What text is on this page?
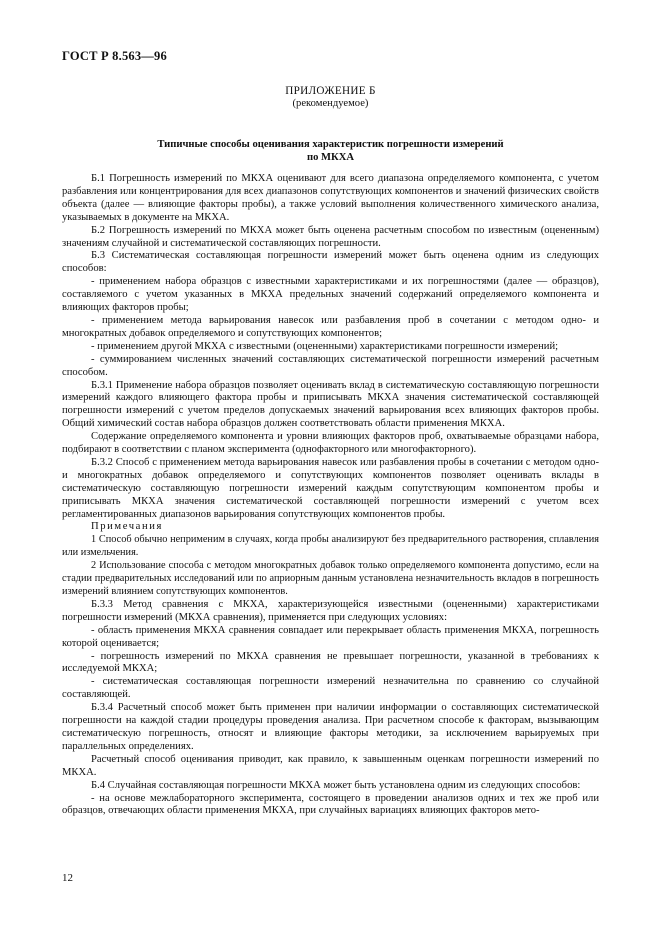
ГОСТ Р 8.563—96
ПРИЛОЖЕНИЕ Б
(рекомендуемое)
Типичные способы оценивания характеристик погрешности измерений
по МКХА

Б.1 Погрешность измерений по МКХА оценивают для всего диапазона определяемого компонента, с учетом разбавления или концентрирования для всех диапазонов сопутствующих компонентов и значений физических свойств объекта (далее — влияющие факторы пробы), а также условий выполнения количественного химического анализа, указываемых в документе на МКХА.

Б.2 Погрешность измерений по МКХА может быть оценена расчетным способом по известным (оцененным) значениям случайной и систематической составляющих погрешности.

Б.3 Систематическая составляющая погрешности измерений может быть оценена одним из следующих способов:

- применением набора образцов с известными характеристиками и их погрешностями (далее — образцов), составляемого с учетом указанных в МКХА предельных значений содержаний определяемого компонента и влияющих факторов пробы;

- применением метода варьирования навесок или разбавления проб в сочетании с методом одно- и многократных добавок определяемого и сопутствующих компонентов;

- применением другой МКХА с известными (оцененными) характеристиками погрешности измерений;

- суммированием численных значений составляющих систематической погрешности измерений расчетным способом.

Б.3.1 Применение набора образцов позволяет оценивать вклад в систематическую составляющую погрешности измерений каждого влияющего фактора пробы и приписывать МКХА значения систематической составляющей погрешности измерений с учетом пределов допускаемых значений варьирования всех влияющих факторов пробы. Общий химический состав набора образцов должен соответствовать области применения МКХА.

Содержание определяемого компонента и уровни влияющих факторов проб, охватываемые образцами набора, подбирают в соответствии с планом эксперимента (однофакторного или многофакторного).

Б.3.2 Способ с применением метода варьирования навесок или разбавления пробы в сочетании с методом одно- и многократных добавок определяемого и сопутствующих компонентов позволяет оценивать вклады в систематическую составляющую погрешности измерений каждым сопутствующим компонентом пробы и приписывать МКХА значения систематической составляющей погрешности измерений с учетом всех регламентированных диапазонов варьирования сопутствующих компонентов пробы.

Примечания

1 Способ обычно неприменим в случаях, когда пробы анализируют без предварительного растворения, сплавления или измельчения.

2 Использование способа с методом многократных добавок только определяемого компонента допустимо, если на стадии предварительных исследований или по априорным данным установлена незначительность вкладов в погрешность измерений влиянием сопутствующих компонентов.

Б.3.3 Метод сравнения с МКХА, характеризующейся известными (оцененными) характеристиками погрешности измерений (МКХА сравнения), применяется при следующих условиях:

- область применения МКХА сравнения совпадает или перекрывает область применения МКХА, погрешность которой оценивается;

- погрешность измерений по МКХА сравнения не превышает погрешности, указанной в требованиях к исследуемой МКХА;

- систематическая составляющая погрешности измерений незначительна по сравнению со случайной составляющей.

Б.3.4 Расчетный способ может быть применен при наличии информации о составляющих систематической погрешности на каждой стадии процедуры проведения анализа. При расчетном способе к факторам, вызывающим систематическую погрешность, относят и влияющие факторы методики, за исключением варьируемых при параллельных определениях.

Расчетный способ оценивания приводит, как правило, к завышенным оценкам погрешности измерений по МКХА.

Б.4 Случайная составляющая погрешности МКХА может быть установлена одним из следующих способов:

- на основе межлабораторного эксперимента, состоящего в проведении анализов одних и тех же проб или образцов, отвечающих области применения МКХА, при случайных вариациях влияющих факторов мето-

12
